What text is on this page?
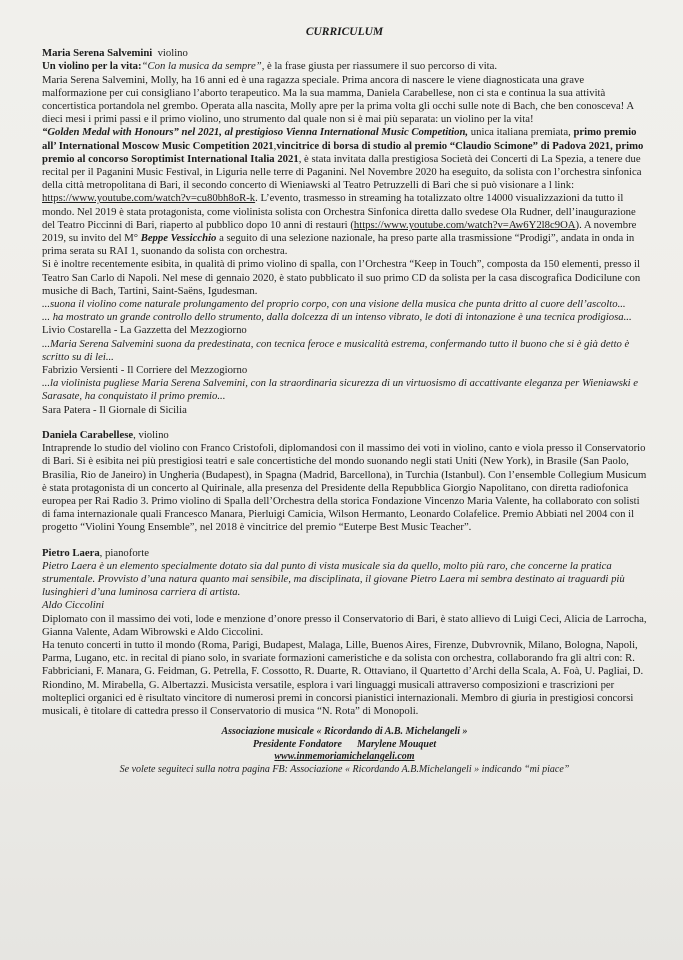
CURRICULUM

Maria Serena Salvemini violino

Un violino per la vita:“Con la musica da sempre”, è la frase giusta per riassumere il suo percorso di vita.

Maria Serena Salvemini, Molly, ha 16 anni ed è una ragazza speciale. Prima ancora di nascere le viene diagnosticata una grave malformazione per cui consigliano l’aborto terapeutico. Ma la sua mamma, Daniela Carabellese, non ci sta e continua la sua attività concertistica portandola nel grembo. Operata alla nascita, Molly apre per la prima volta gli occhi sulle note di Bach, che ben conosceva! A dieci mesi i primi passi e il primo violino, uno strumento dal quale non si è mai più separata: un violino per la vita!

“Golden Medal with Honours” nel 2021, al prestigioso Vienna International Music Competition, unica italiana premiata, primo premio all’ International Moscow Music Competition 2021,vincitrice di borsa di studio al premio “Claudio Scimone” di Padova 2021, primo premio al concorso Soroptimist International Italia 2021, è stata invitata dalla prestigiosa Società dei Concerti di La Spezia, a tenere due recital per il Paganini Music Festival, in Liguria nelle terre di Paganini. Nel Novembre 2020 ha eseguito, da solista con l’orchestra sinfonica della città metropolitana di Bari, il secondo concerto di Wieniawski al Teatro Petruzzelli di Bari che si può visionare a l link: https://www.youtube.com/watch?v=cu80bh8oR-k. L’evento, trasmesso in streaming ha totalizzato oltre 14000 visualizzazioni da tutto il mondo. Nel 2019 è stata protagonista, come violinista solista con Orchestra Sinfonica diretta dallo svedese Ola Rudner, dell’inaugurazione del Teatro Piccinni di Bari, riaperto al pubblico dopo 10 anni di restauri (https://www.youtube.com/watch?v=Aw6Y2l8c9OA). A novembre 2019, su invito del M° Beppe Vessicchio a seguito di una selezione nazionale, ha preso parte alla trasmissione “Prodigi”, andata in onda in prima serata su RAI 1, suonando da solista con orchestra.

Si è inoltre recentemente esibita, in qualità di primo violino di spalla, con l’Orchestra “Keep in Touch”, composta da 150 elementi, presso il Teatro San Carlo di Napoli. Nel mese di gennaio 2020, è stato pubblicato il suo primo CD da solista per la casa discografica Dodicilune con musiche di Bach, Tartini, Saint-Saëns, Igudesman.

...suona il violino come naturale prolungamento del proprio corpo, con una visione della musica che punta dritto al cuore dell’ascolto...

... ha mostrato un grande controllo dello strumento, dalla dolcezza di un intenso vibrato, le doti di intonazione è una tecnica prodigiosa...

Livio Costarella - La Gazzetta del Mezzogiorno

...Maria Serena Salvemini suona da predestinata, con tecnica feroce e musicalità estrema, confermando tutto il buono che si è già detto è scritto su di lei...

Fabrizio Versienti - Il Corriere del Mezzogiorno

...la violinista pugliese Maria Serena Salvemini, con la straordinaria sicurezza di un virtuosismo di accattivante eleganza per Wieniawski e Sarasate, ha conquistato il primo premio...

Sara Patera - Il Giornale di Sicilia

Daniela Carabellese, violino

Intraprende lo studio del violino con Franco Cristofoli, diplomandosi con il massimo dei voti in violino, canto e viola presso il Conservatorio di Bari. Si è esibita nei più prestigiosi teatri e sale concertistiche del mondo suonando negli stati Uniti (New York), in Brasile (San Paolo, Brasilia, Rio de Janeiro) in Ungheria (Budapest), in Spagna (Madrid, Barcellona), in Turchia (Istanbul). Con l’ensemble Collegium Musicum è stata protagonista di un concerto al Quirinale, alla presenza del Presidente della Repubblica Giorgio Napolitano, con diretta radiofonica europea per Rai Radio 3. Primo violino di Spalla dell’Orchestra della storica Fondazione Vincenzo Maria Valente, ha collaborato con solisti di fama internazionale quali Francesco Manara, Pierluigi Camicia, Wilson Hermanto, Leonardo Colafelice. Premio Abbiati nel 2004 con il progetto “Violini Young Ensemble”, nel 2018 è vincitrice del premio “Euterpe Best Music Teacher”.

Pietro Laera, pianoforte

Pietro Laera è un elemento specialmente dotato sia dal punto di vista musicale sia da quello, molto più raro, che concerne la pratica strumentale. Provvisto d’una natura quanto mai sensibile, ma disciplinata, il giovane Pietro Laera mi sembra destinato ai traguardi più lusinghieri d’una luminosa carriera di artista.

Aldo Ciccolini

Diplomato con il massimo dei voti, lode e menzione d’onore presso il Conservatorio di Bari, è stato allievo di Luigi Ceci, Alicia de Larrocha, Gianna Valente, Adam Wibrowski e Aldo Ciccolini.

Ha tenuto concerti in tutto il mondo (Roma, Parigi, Budapest, Malaga, Lille, Buenos Aires, Firenze, Dubvrovnik, Milano, Bologna, Napoli, Parma, Lugano, etc. in recital di piano solo, in svariate formazioni cameristiche e da solista con orchestra, collaborando fra gli altri con: R. Fabbriciani, F. Manara, G. Feidman, G. Petrella, F. Cossotto, R. Duarte, R. Ottaviano, il Quartetto d’Archi della Scala, A. Foà, U. Pagliai, D. Riondino, M. Mirabella, G. Albertazzi. Musicista versatile, esplora i vari linguaggi musicali attraverso composizioni e trascrizioni per molteplici organici ed è risultato vincitore di numerosi premi in concorsi pianistici internazionali. Membro di giuria in prestigiosi concorsi musicali, è titolare di cattedra presso il Conservatorio di musica “N. Rota” di Monopoli.

Associazione musicale « Ricordando di A.B. Michelangeli »

Presidente Fondatore      Marylene Mouquet

www.inmemoriamichelangeli.com

Se volete seguiteci sulla notra pagina FB: Associazione « Ricordando A.B.Michelangeli » indicando “mi piace”
